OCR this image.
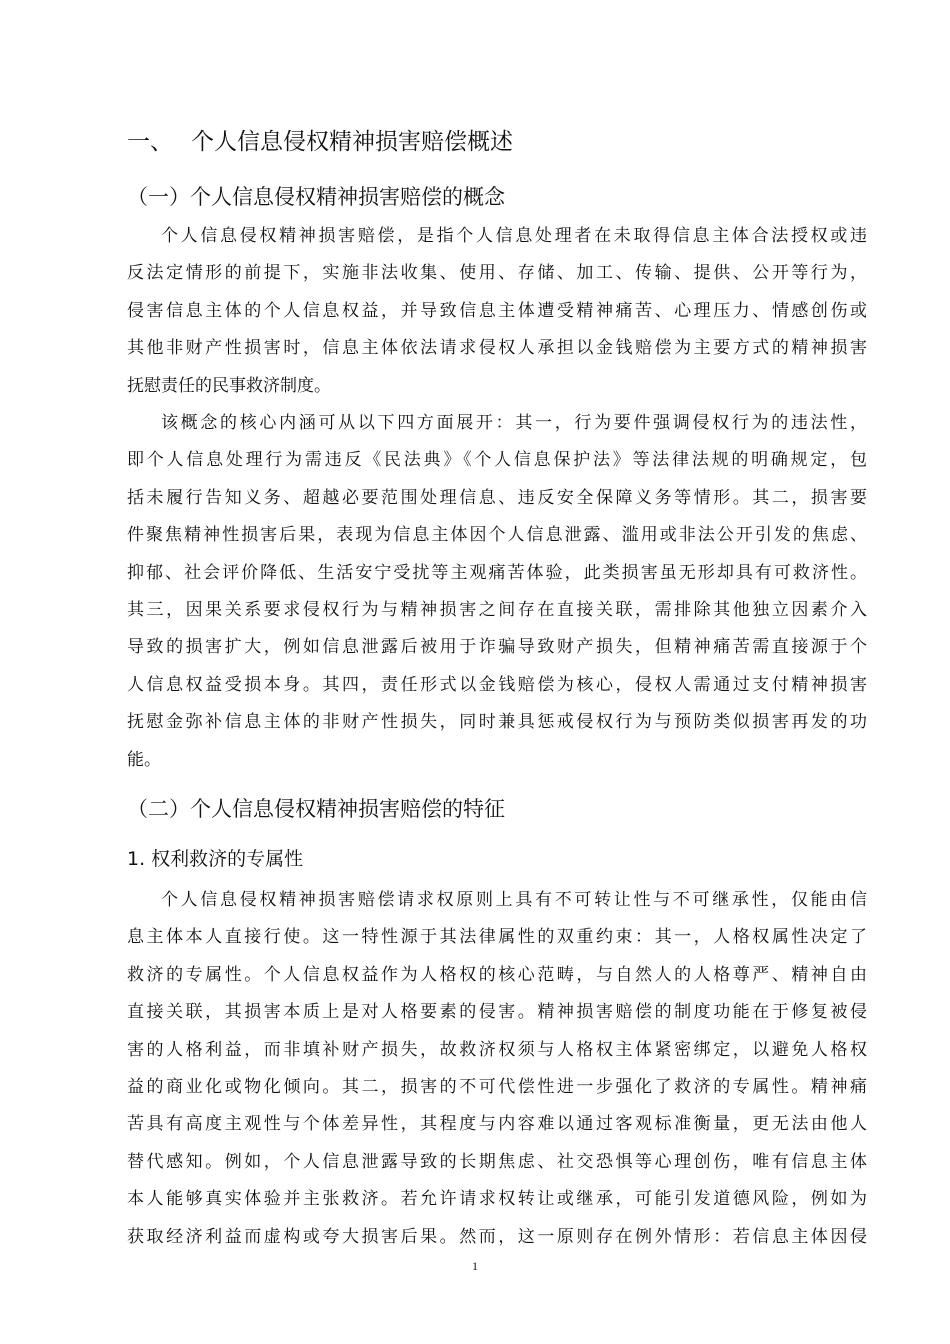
一、 个人信息侵权精神损害赔偿概述
（一）个人信息侵权精神损害赔偿的概念
个人信息侵权精神损害赔偿，是指个人信息处理者在未取得信息主体合法授权或违
反法定情形的前提下，实施非法收集、使用、存储、加工、传输、提供、公开等行为，
侵害信息主体的个人信息权益，并导致信息主体遭受精神痛苦、心理压力、情感创伤或
其他非财产性损害时，信息主体依法请求侵权人承担以金钱赔偿为主要方式的精神损害
抚慰责任的民事救济制度。
该概念的核心内涵可从以下四方面展开：其一，行为要件强调侵权行为的违法性，
即个人信息处理行为需违反《民法典》《个人信息保护法》等法律法规的明确规定，包
括未履行告知义务、超越必要范围处理信息、违反安全保障义务等情形。其二，损害要
件聚焦精神性损害后果，表现为信息主体因个人信息泄露、滥用或非法公开引发的焦虑、
抑郁、社会评价降低、生活安宁受扰等主观痛苦体验，此类损害虽无形却具有可救济性。
其三，因果关系要求侵权行为与精神损害之间存在直接关联，需排除其他独立因素介入
导致的损害扩大，例如信息泄露后被用于诈骗导致财产损失，但精神痛苦需直接源于个
人信息权益受损本身。其四，责任形式以金钱赔偿为核心，侵权人需通过支付精神损害
抚慰金弥补信息主体的非财产性损失，同时兼具惩戒侵权行为与预防类似损害再发的功
能。
（二）个人信息侵权精神损害赔偿的特征
1. 权利救济的专属性
个人信息侵权精神损害赔偿请求权原则上具有不可转让性与不可继承性，仅能由信
息主体本人直接行使。这一特性源于其法律属性的双重约束：其一，人格权属性决定了
救济的专属性。个人信息权益作为人格权的核心范畴，与自然人的人格尊严、精神自由
直接关联，其损害本质上是对人格要素的侵害。精神损害赔偿的制度功能在于修复被侵
害的人格利益，而非填补财产损失，故救济权须与人格权主体紧密绑定，以避免人格权
益的商业化或物化倾向。其二，损害的不可代偿性进一步强化了救济的专属性。精神痛
苦具有高度主观性与个体差异性，其程度与内容难以通过客观标准衡量，更无法由他人
替代感知。例如，个人信息泄露导致的长期焦虑、社交恐惧等心理创伤，唯有信息主体
本人能够真实体验并主张救济。若允许请求权转让或继承，可能引发道德风险，例如为
获取经济利益而虚构或夸大损害后果。然而，这一原则存在例外情形：若信息主体因侵
1
